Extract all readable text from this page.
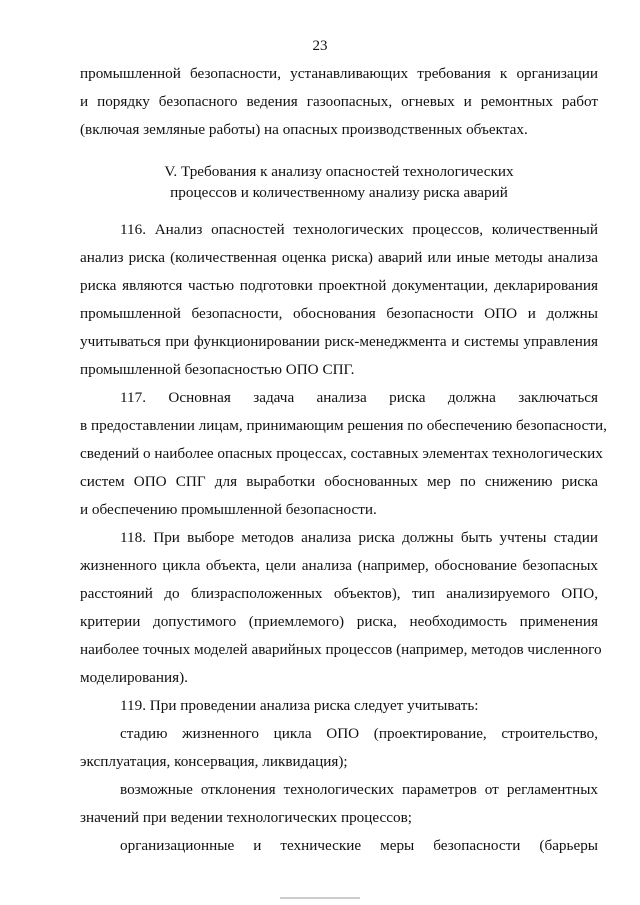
23
промышленной безопасности, устанавливающих требования к организации
и порядку безопасного ведения газоопасных, огневых и ремонтных работ
(включая земляные работы) на опасных производственных объектах.
V. Требования к анализу опасностей технологических
процессов и количественному анализу риска аварий
116. Анализ опасностей технологических процессов, количественный
анализ риска (количественная оценка риска) аварий или иные методы анализа
риска являются частью подготовки проектной документации, декларирования
промышленной безопасности, обоснования безопасности ОПО и должны
учитываться при функционировании риск-менеджмента и системы управления
промышленной безопасностью ОПО СПГ.
117. Основная задача анализа риска должна заключаться
в предоставлении лицам, принимающим решения по обеспечению безопасности,
сведений о наиболее опасных процессах, составных элементах технологических
систем ОПО СПГ для выработки обоснованных мер по снижению риска
и обеспечению промышленной безопасности.
118. При выборе методов анализа риска должны быть учтены стадии
жизненного цикла объекта, цели анализа (например, обоснование безопасных
расстояний до близрасположенных объектов), тип анализируемого ОПО,
критерии допустимого (приемлемого) риска, необходимость применения
наиболее точных моделей аварийных процессов (например, методов численного
моделирования).
119. При проведении анализа риска следует учитывать:
стадию жизненного цикла ОПО (проектирование, строительство,
эксплуатация, консервация, ликвидация);
возможные отклонения технологических параметров от регламентных
значений при ведении технологических процессов;
организационные и технические меры безопасности (барьеры
